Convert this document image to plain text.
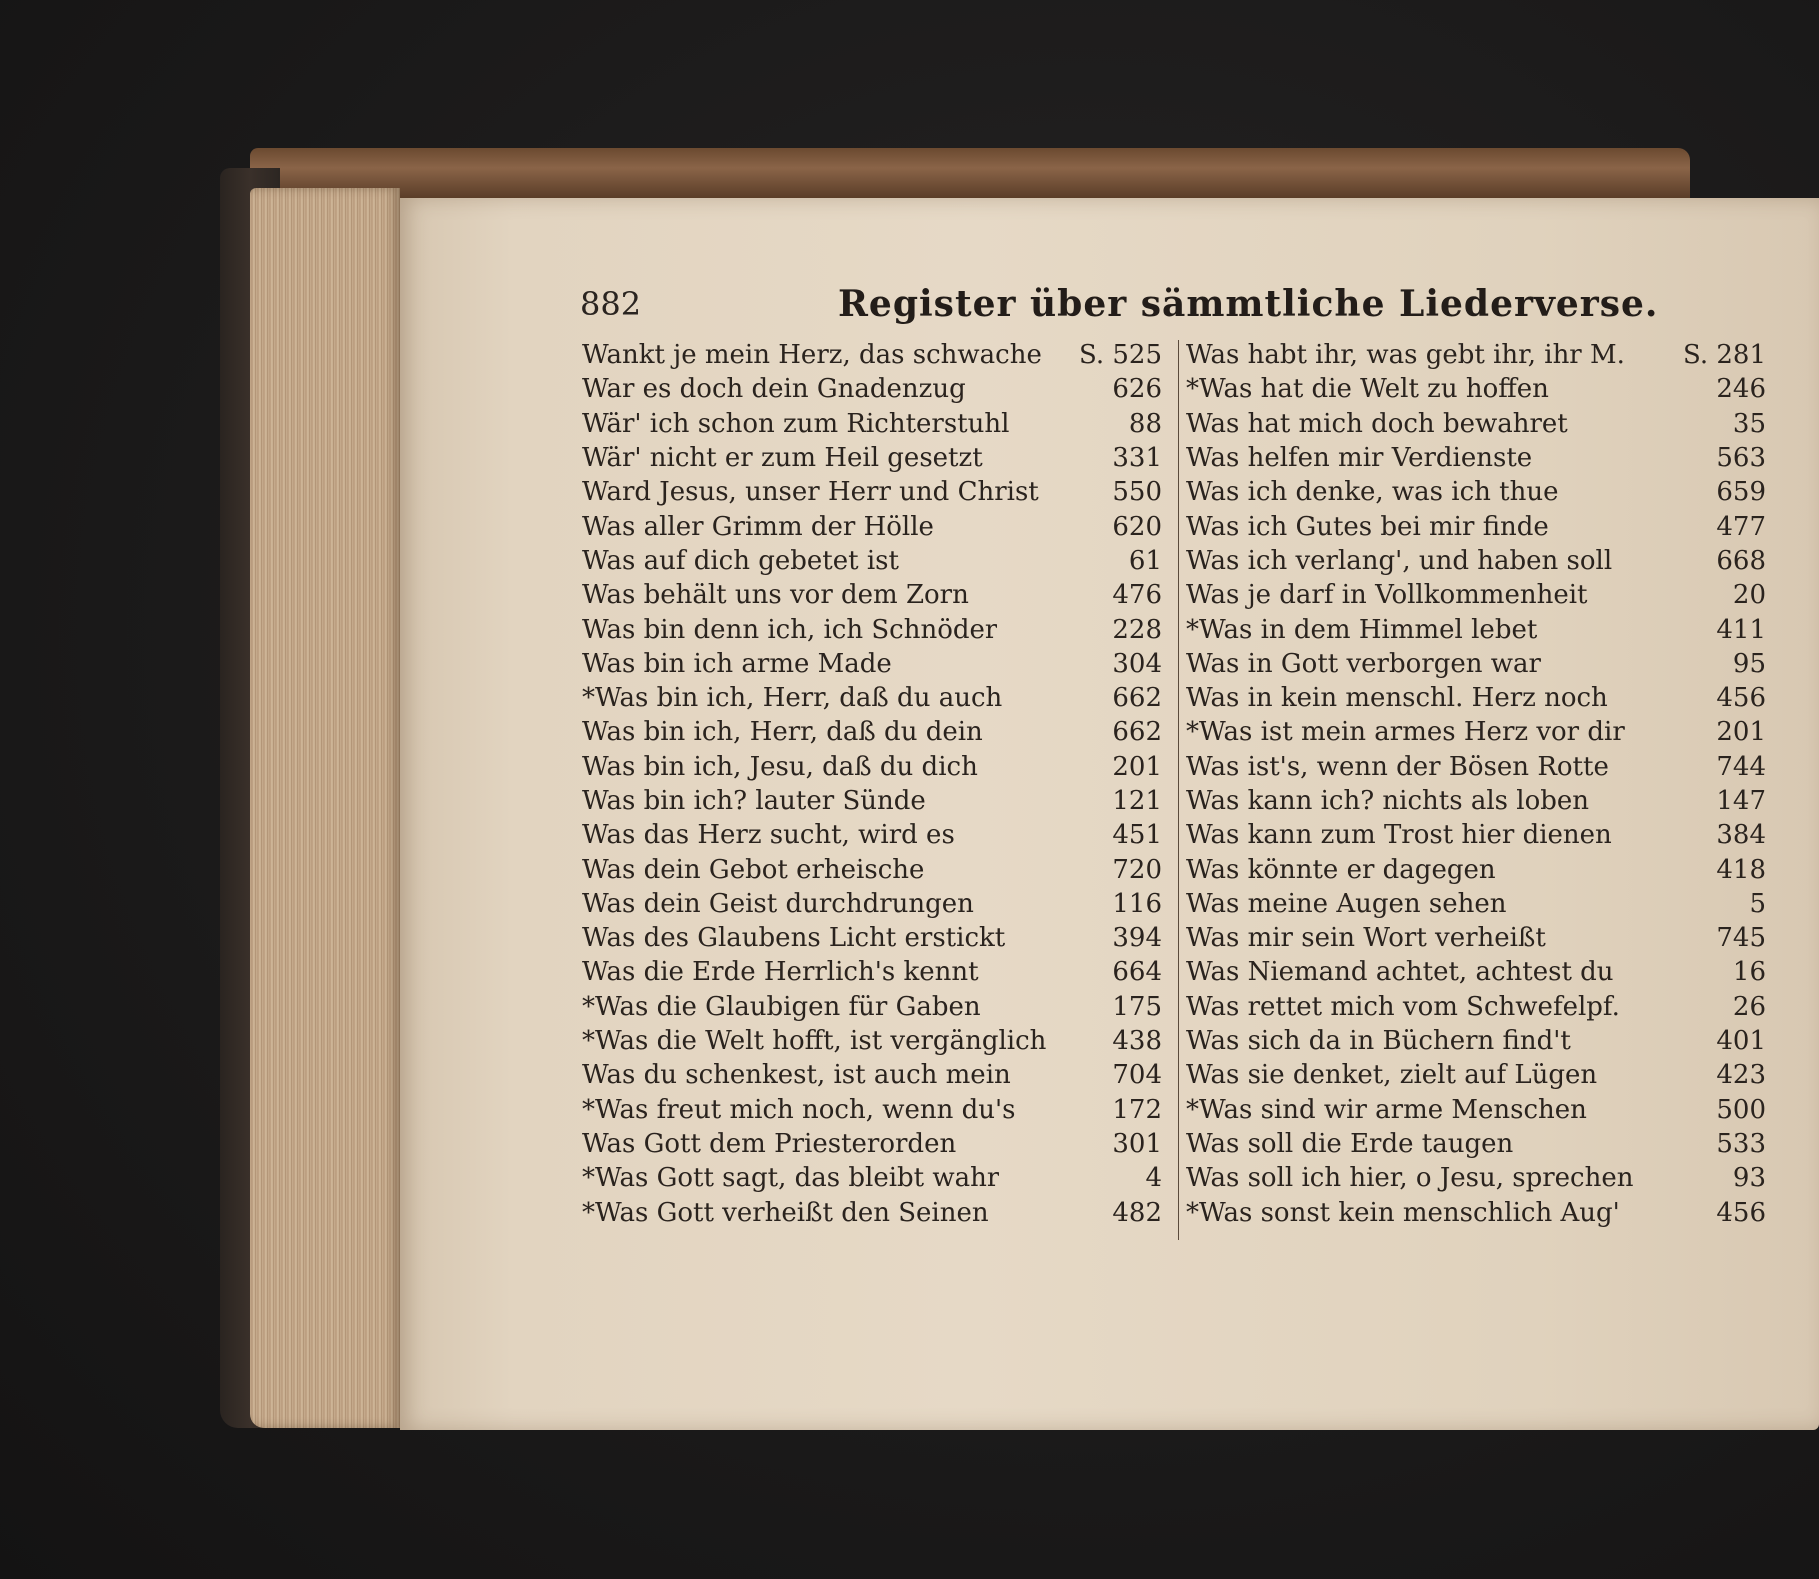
882	Register über sämmtliche Liederverse.
Wankt je mein Herz, das schwache S. 525
War es doch dein Gnadenzug	626
Wär' ich schon zum Richterstuhl	88
Wär' nicht er zum Heil gesetzt	331
Ward Jesus, unser Herr und Christ	550
Was aller Grimm der Hölle	620
Was auf dich gebetet ist	61
Was behält uns vor dem Zorn	476
Was bin denn ich, ich Schnöder	228
Was bin ich arme Made	304
*Was bin ich, Herr, daß du auch	662
Was bin ich, Herr, daß du dein	662
Was bin ich, Jesu, daß du dich	201
Was bin ich? lauter Sünde	121
Was das Herz sucht, wird es	451
Was dein Gebot erheische	720
Was dein Geist durchdrungen	116
Was des Glaubens Licht erstickt	394
Was die Erde Herrlich's kennt	664
*Was die Glaubigen für Gaben	175
*Was die Welt hofft, ist vergänglich	438
Was du schenkest, ist auch mein	704
*Was freut mich noch, wenn du's	172
Was Gott dem Priesterorden	301
*Was Gott sagt, das bleibt wahr	4
*Was Gott verheißt den Seinen	482
Was habt ihr, was gebt ihr, ihr M. S. 281
*Was hat die Welt zu hoffen	246
Was hat mich doch bewahret	35
Was helfen mir Verdienste	563
Was ich denke, was ich thue	659
Was ich Gutes bei mir finde	477
Was ich verlang', und haben soll	668
Was je darf in Vollkommenheit	20
*Was in dem Himmel lebet	411
Was in Gott verborgen war	95
Was in kein menschl. Herz noch	456
*Was ist mein armes Herz vor dir	201
Was ist's, wenn der Bösen Rotte	744
Was kann ich? nichts als loben	147
Was kann zum Trost hier dienen	384
Was könnte er dagegen	418
Was meine Augen sehen	5
Was mir sein Wort verheißt	745
Was Niemand achtet, achtest du	16
Was rettet mich vom Schwefelpf.	26
Was sich da in Büchern find't	401
Was sie denket, zielt auf Lügen	423
*Was sind wir arme Menschen	500
Was soll die Erde taugen	533
Was soll ich hier, o Jesu, sprechen	93
*Was sonst kein menschlich Aug'	456
